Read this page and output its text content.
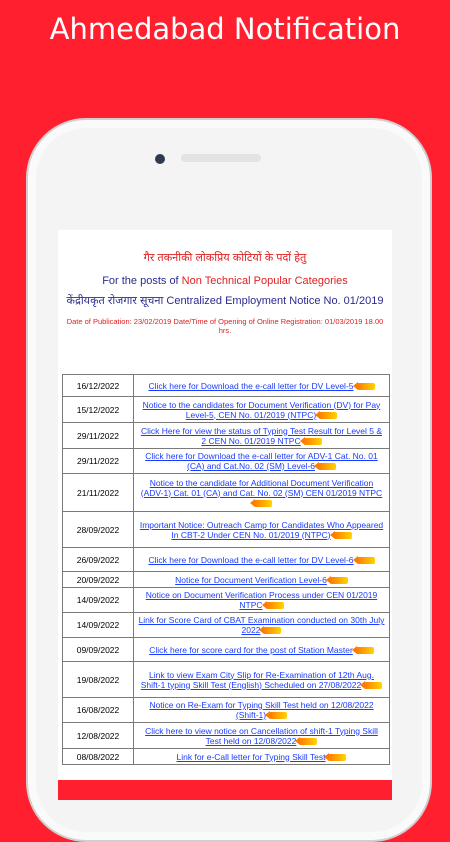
Ahmedabad Notification
गैर तकनीकी लोकप्रिय कोटियों के पदों हेतु
For the posts of Non Technical Popular Categories
केंद्रीयकृत रोजगार सूचना Centralized Employment Notice No. 01/2019
Date of Publication: 23/02/2019 Date/Time of Opening of Online Registration: 01/03/2019 18.00 hrs.
16/12/2022	Click here for Download the e-call letter for DV Level-5
15/12/2022	Notice to the candidates for Document Verification (DV) for Pay Level-5, CEN No. 01/2019 (NTPC)
29/11/2022	Click Here for view the status of Typing Test Result for Level 5 & 2 CEN No. 01/2019 NTPC
29/11/2022	Click here for Download the e-call letter for ADV-1 Cat. No. 01 (CA) and Cat.No. 02 (SM) Level-6
21/11/2022	Notice to the candidate for Additional Document Verification (ADV-1) Cat. 01 (CA) and Cat. No. 02 (SM) CEN 01/2019 NTPC
28/09/2022	Important Notice: Outreach Camp for Candidates Who Appeared In CBT-2 Under CEN No. 01/2019 (NTPC)
26/09/2022	Click here for Download the e-call letter for DV Level-6
20/09/2022	Notice for Document Verification Level-6
14/09/2022	Notice on Document Verification Process under CEN 01/2019 NTPC
14/09/2022	Link for Score Card of CBAT Examination conducted on 30th July 2022
09/09/2022	Click here for score card for the post of Station Master
19/08/2022	Link to view Exam City Slip for Re-Examination of 12th Aug. Shift-1 typing Skill Test (English) Scheduled on 27/08/2022
16/08/2022	Notice on Re-Exam for Typing Skill Test held on 12/08/2022 (Shift-1)
12/08/2022	Click here to view notice on Cancellation of shift-1 Typing Skill Test held on 12/08/2022
08/08/2022	Link for e-Call letter for Typing Skill Test
